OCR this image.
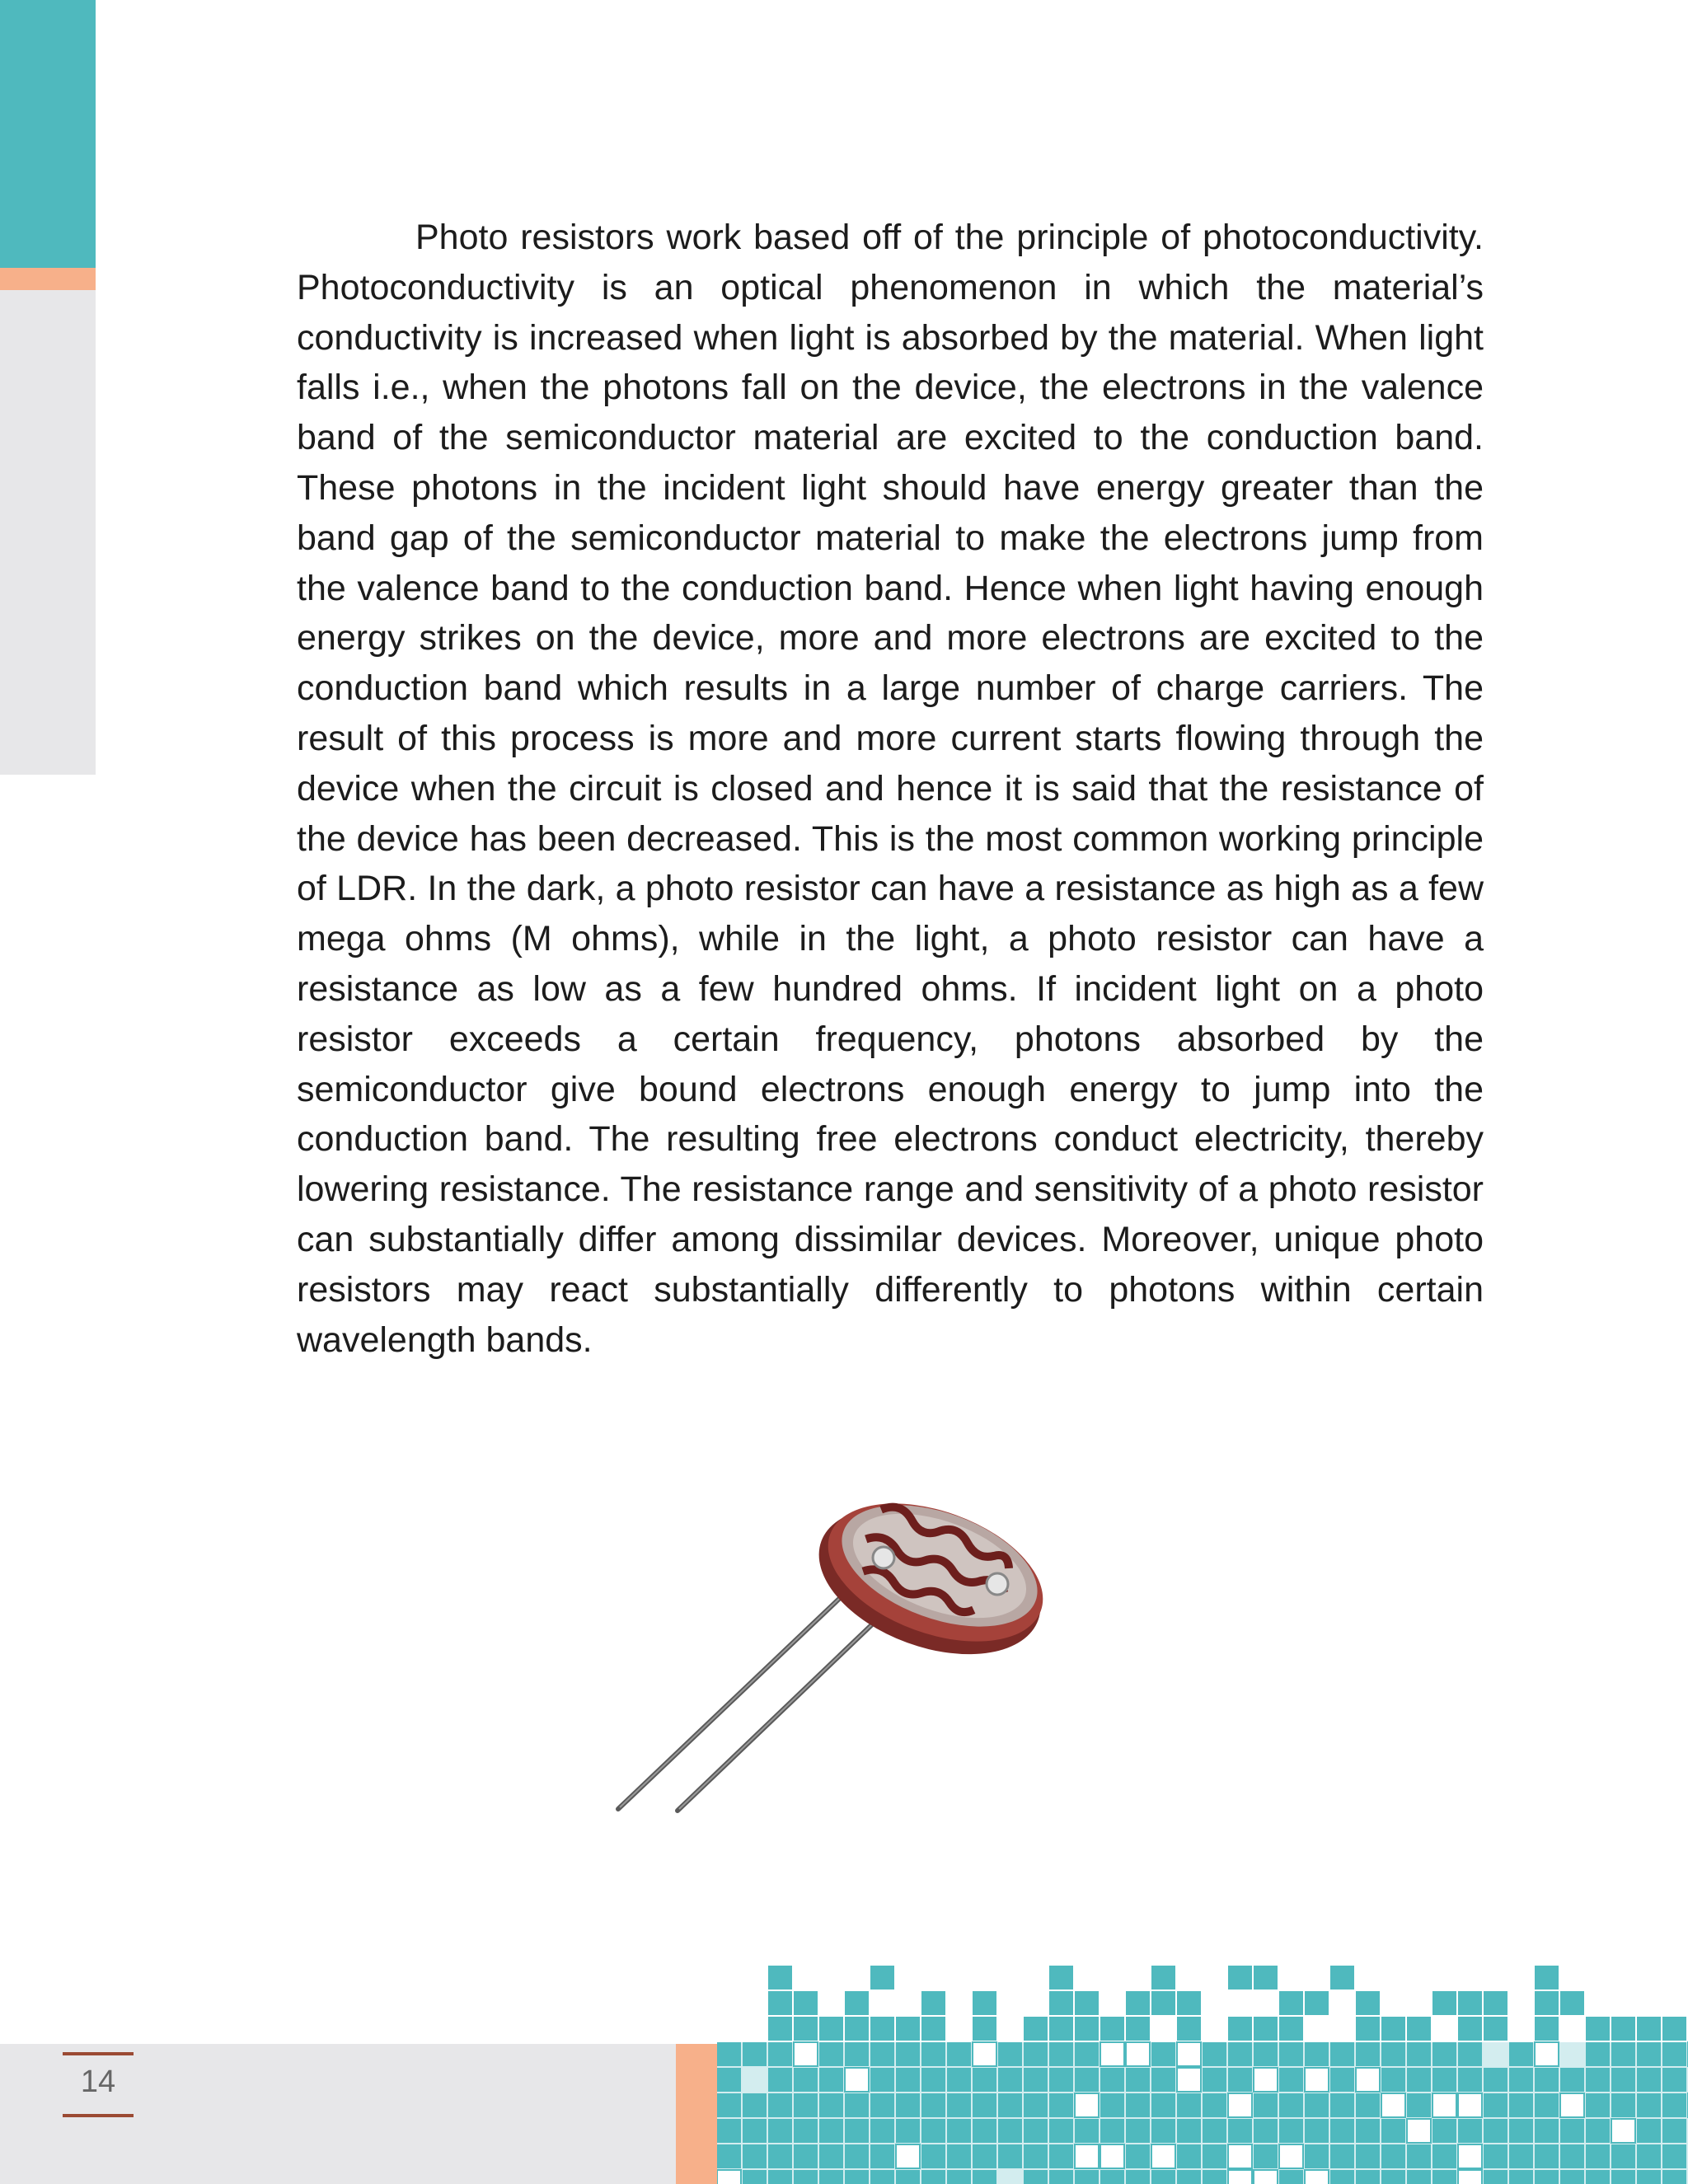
Photo resistors work based off of the principle of photoconductivity. Photoconductivity is an optical phenomenon in which the material’s conductivity is increased when light is absorbed by the material. When light falls i.e., when the photons fall on the device, the electrons in the valence band of the semiconductor material are excited to the conduction band. These photons in the incident light should have energy greater than the band gap of the semiconductor material to make the electrons jump from the valence band to the conduction band. Hence when light having enough energy strikes on the device, more and more electrons are excited to the conduction band which results in a large number of charge carriers. The result of this process is more and more current starts flowing through the device when the circuit is closed and hence it is said that the resistance of the device has been decreased. This is the most common working principle of LDR. In the dark, a photo resistor can have a resistance as high as a few mega ohms (M ohms), while in the light, a photo resistor can have a resistance as low as a few hundred ohms. If incident light on a photo resistor exceeds a certain frequency, photons absorbed by the semiconductor give bound electrons enough energy to jump into the conduction band. The resulting free electrons conduct electricity, thereby lowering resistance. The resistance range and sensitivity of a photo resistor can substantially differ among dissimilar devices. Moreover, unique photo resistors may react substantially differently to photons within certain wavelength bands.

14
